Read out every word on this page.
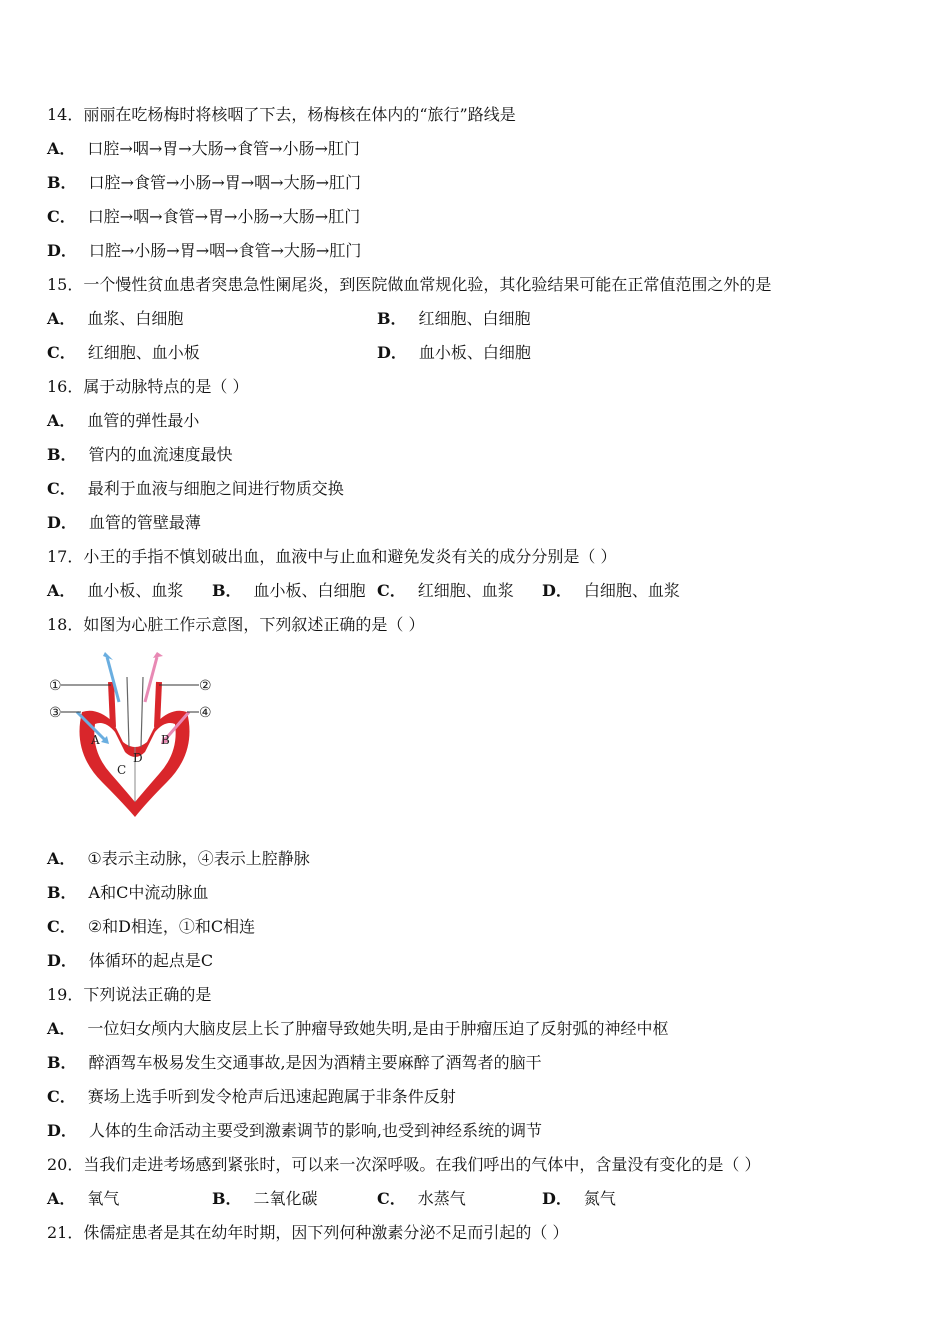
14．丽丽在吃杨梅时将核咽了下去，杨梅核在体内的“旅行”路线是
A． 口腔→咽→胃→大肠→食管→小肠→肛门
B． 口腔→食管→小肠→胃→咽→大肠→肛门
C． 口腔→咽→食管→胃→小肠→大肠→肛门
D． 口腔→小肠→胃→咽→食管→大肠→肛门
15．一个慢性贫血患者突患急性阑尾炎，到医院做血常规化验，其化验结果可能在正常值范围之外的是
A． 血浆、白细胞	B． 红细胞、白细胞
C． 红细胞、血小板	D． 血小板、白细胞
16．属于动脉特点的是（ ）
A． 血管的弹性最小
B． 管内的血流速度最快
C． 最利于血液与细胞之间进行物质交换
D． 血管的管壁最薄
17．小王的手指不慎划破出血，血液中与止血和避免发炎有关的成分分别是（ ）
A． 血小板、血浆	B． 血小板、白细胞 C． 红细胞、血浆	D． 白细胞、血浆
18．如图为心脏工作示意图，下列叙述正确的是（ ）
①	②
③	④
A	B
C
D
A． ①表示主动脉，④表示上腔静脉
B． A和C中流动脉血
C． ②和D相连，①和C相连
D． 体循环的起点是C
19．下列说法正确的是
A． 一位妇女颅内大脑皮层上长了肿瘤导致她失明,是由于肿瘤压迫了反射弧的神经中枢
B． 醉酒驾车极易发生交通事故,是因为酒精主要麻醉了酒驾者的脑干
C． 赛场上选手听到发令枪声后迅速起跑属于非条件反射
D． 人体的生命活动主要受到激素调节的影响,也受到神经系统的调节
20．当我们走进考场感到紧张时，可以来一次深呼吸。在我们呼出的气体中，含量没有变化的是（ ）
A． 氧气	B． 二氧化碳	C． 水蒸气	D． 氮气
21．侏儒症患者是其在幼年时期，因下列何种激素分泌不足而引起的（ ）
